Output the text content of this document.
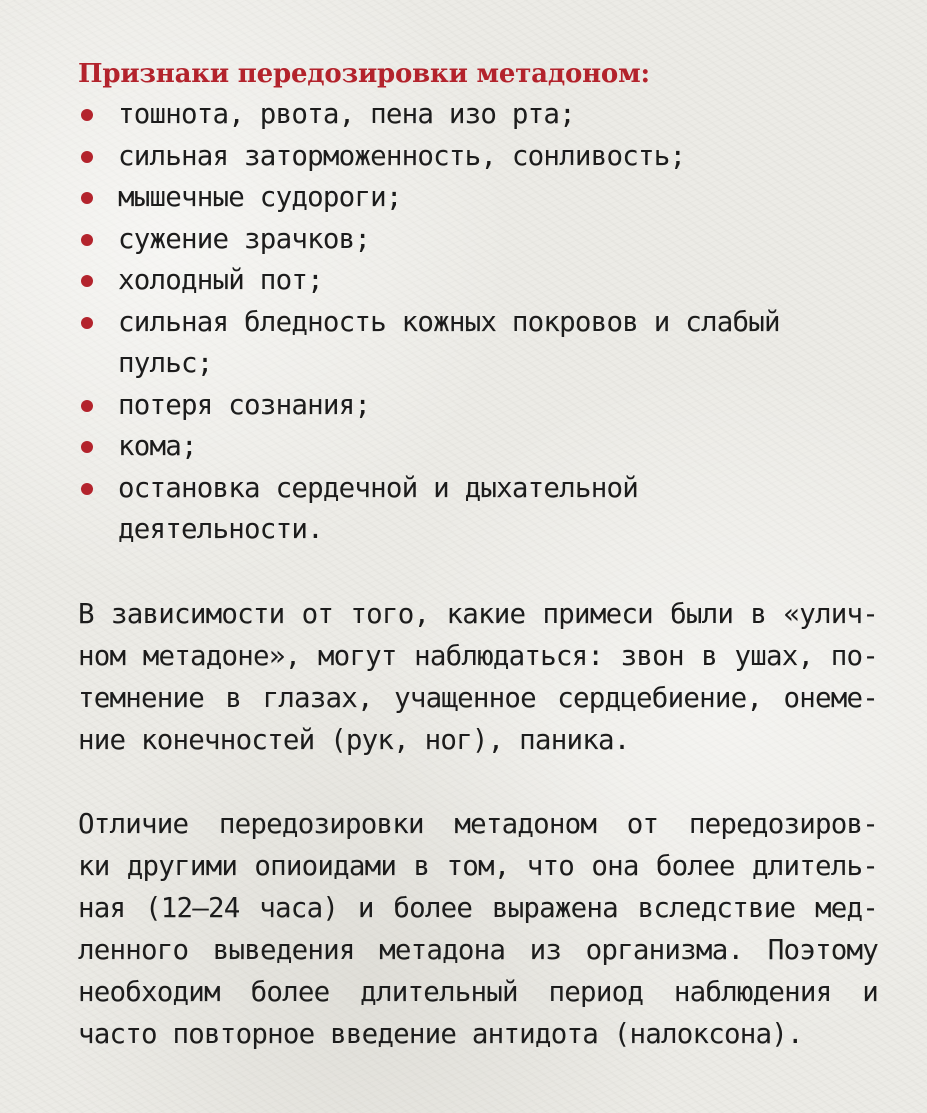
Признаки передозировки метадоном:
тошнота, рвота, пена изо рта;
сильная заторможенность, сонливость;
мышечные судороги;
сужение зрачков;
холодный пот;
сильная бледность кожных покровов и слабый
пульс;
потеря сознания;
кома;
остановка сердечной и дыхательной
деятельности.

В зависимости от того, какие примеси были в «улич-
ном метадоне», могут наблюдаться: звон в ушах, по-
темнение в глазах, учащенное сердцебиение, онеме-
ние конечностей (рук, ног), паника.

Отличие передозировки метадоном от передозиров-
ки другими опиоидами в том, что она более длитель-
ная (12–24 часа) и более выражена вследствие мед-
ленного выведения метадона из организма. Поэтому
необходим более длительный период наблюдения и
часто повторное введение антидота (налоксона).
